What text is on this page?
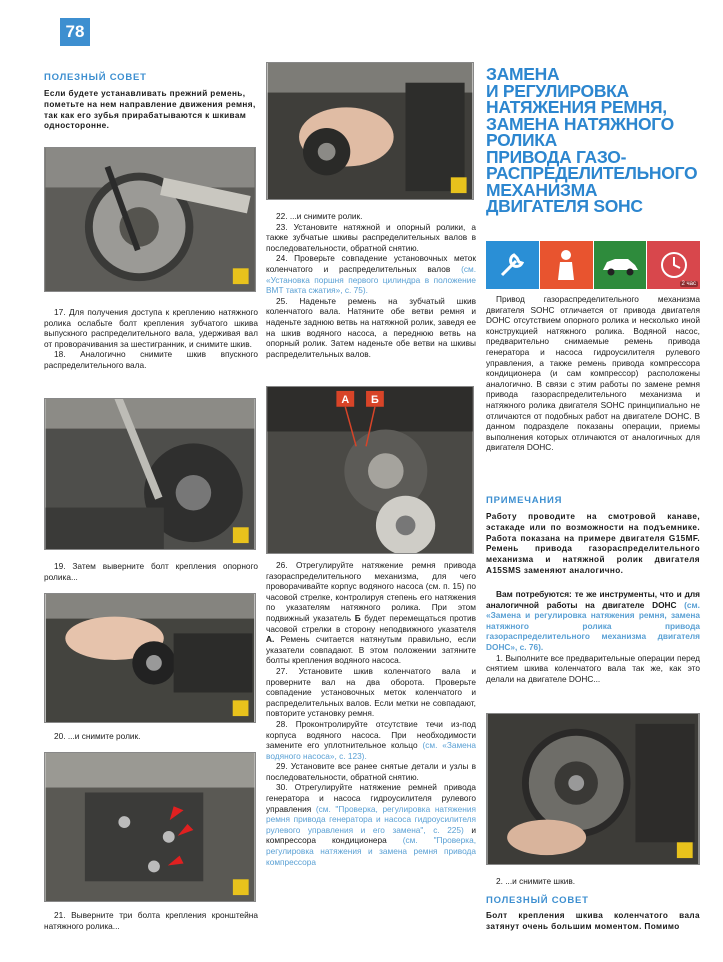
78
ПОЛЕЗНЫЙ СОВЕТ
Если будете устанавливать прежний ремень, пометьте на нем направление движения ремня, так как его зубья прирабатываются к шкивам односторонне.

17. Для получения доступа к креплению натяжного ролика ослабьте болт крепления зубчатого шкива выпускного распределительного вала, удерживая вал от проворачивания за шестигранник, и снимите шкив.

18. Аналогично снимите шкив впускного распределительного вала.

19. Затем выверните болт крепления опорного ролика...

20. ...и снимите ролик.

21. Выверните три болта крепления кронштейна натяжного ролика...

22. ...и снимите ролик.

23. Установите натяжной и опорный ролики, а также зубчатые шкивы распределительных валов в последовательности, обратной снятию.

24. Проверьте совпадение установочных меток коленчатого и распределительных валов (см. «Установка поршня первого цилиндра в положение ВМТ такта сжатия», с. 75).

25. Наденьте ремень на зубчатый шкив коленчатого вала. Натяните обе ветви ремня и наденьте заднюю ветвь на натяжной ролик, заведя ее на шкив водяного насоса, а переднюю ветвь на опорный ролик. Затем наденьте обе ветви на шкивы распределительных валов.

А Б

26. Отрегулируйте натяжение ремня привода газораспределительного механизма, для чего проворачивайте корпус водяного насоса (см. п. 15) по часовой стрелке, контролируя степень его натяжения по указателям натяжного ролика. При этом подвижный указатель Б будет перемещаться против часовой стрелки в сторону неподвижного указателя А. Ремень считается натянутым правильно, если указатели совпадают. В этом положении затяните болты крепления водяного насоса.

27. Установите шкив коленчатого вала и проверните вал на два оборота. Проверьте совпадение установочных меток коленчатого и распределительных валов. Если метки не совпадают, повторите установку ремня.

28. Проконтролируйте отсутствие течи из-под корпуса водяного насоса. При необходимости замените его уплотнительное кольцо (см. «Замена водяного насоса», с. 123).

29. Установите все ранее снятые детали и узлы в последовательности, обратной снятию.

30. Отрегулируйте натяжение ремней привода генератора и насоса гидроусилителя рулевого управления (см. "Проверка, регулировка натяжения ремня привода генератора и насоса гидроусилителя рулевого управления и его замена", с. 225) и компрессора кондиционера (см. "Проверка, регулировка натяжения и замена ремня привода компрессора

ЗАМЕНА
И РЕГУЛИРОВКА
НАТЯЖЕНИЯ РЕМНЯ,
ЗАМЕНА НАТЯЖНОГО
РОЛИКА
ПРИВОДА ГАЗО-
РАСПРЕДЕЛИТЕЛЬНОГО
МЕХАНИЗМА
ДВИГАТЕЛЯ SOHC
2 час

Привод газораспределительного механизма двигателя SOHC отличается от привода двигателя DOHC отсутствием опорного ролика и несколько иной конструкцией натяжного ролика. Водяной насос, предварительно снимаемые ремень привода генератора и насоса гидроусилителя рулевого управления, а также ремень привода компрессора кондиционера (и сам компрессор) расположены аналогично. В связи с этим работы по замене ремня привода газораспределительного механизма и натяжного ролика двигателя SOHC принципиально не отличаются от подобных работ на двигателе DOHC. В данном подразделе показаны операции, приемы выполнения которых отличаются от аналогичных для двигателя DOHC.

ПРИМЕЧАНИЯ
Работу проводите на смотровой канаве, эстакаде или по возможности на подъемнике. Работа показана на примере двигателя G15MF. Ремень привода газораспределительного механизма и натяжной ролик двигателя A15SMS заменяют аналогично.

Вам потребуются: те же инструменты, что и для аналогичной работы на двигателе DOHC (см. «Замена и регулировка натяжения ремня, замена натяжного ролика привода газораспределительного механизма двигателя DOHC», с. 76).

1. Выполните все предварительные операции перед снятием шкива коленчатого вала так же, как это делали на двигателе DOHC...

2. ...и снимите шкив.

ПОЛЕЗНЫЙ СОВЕТ
Болт крепления шкива коленчатого вала затянут очень большим моментом. Помимо
